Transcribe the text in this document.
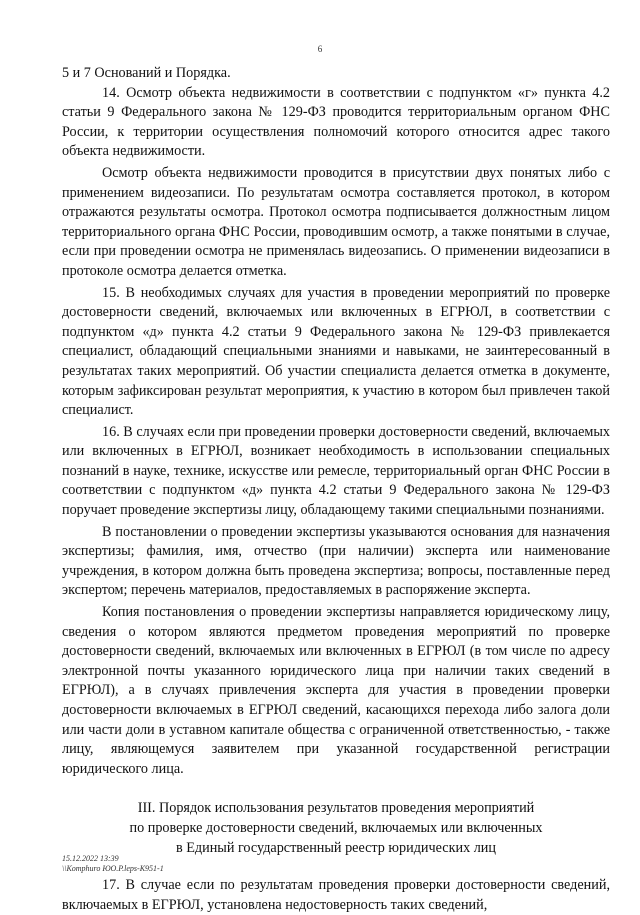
6

5 и 7 Оснований и Порядка.

14. Осмотр объекта недвижимости в соответствии с подпунктом «г» пункта 4.2 статьи 9 Федерального закона № 129-ФЗ проводится территориальным органом ФНС России, к территории осуществления полномочий которого относится адрес такого объекта недвижимости.

Осмотр объекта недвижимости проводится в присутствии двух понятых либо с применением видеозаписи. По результатам осмотра составляется протокол, в котором отражаются результаты осмотра. Протокол осмотра подписывается должностным лицом территориального органа ФНС России, проводившим осмотр, а также понятыми в случае, если при проведении осмотра не применялась видеозапись. О применении видеозаписи в протоколе осмотра делается отметка.

15. В необходимых случаях для участия в проведении мероприятий по проверке достоверности сведений, включаемых или включенных в ЕГРЮЛ, в соответствии с подпунктом «д» пункта 4.2 статьи 9 Федерального закона № 129-ФЗ привлекается специалист, обладающий специальными знаниями и навыками, не заинтересованный в результатах таких мероприятий. Об участии специалиста делается отметка в документе, которым зафиксирован результат мероприятия, к участию в котором был привлечен такой специалист.

16. В случаях если при проведении проверки достоверности сведений, включаемых или включенных в ЕГРЮЛ, возникает необходимость в использовании специальных познаний в науке, технике, искусстве или ремесле, территориальный орган ФНС России в соответствии с подпунктом «д» пункта 4.2 статьи 9 Федерального закона № 129-ФЗ поручает проведение экспертизы лицу, обладающему такими специальными познаниями.

В постановлении о проведении экспертизы указываются основания для назначения экспертизы; фамилия, имя, отчество (при наличии) эксперта или наименование учреждения, в котором должна быть проведена экспертиза; вопросы, поставленные перед экспертом; перечень материалов, предоставляемых в распоряжение эксперта.

Копия постановления о проведении экспертизы направляется юридическому лицу, сведения о котором являются предметом проведения мероприятий по проверке достоверности сведений, включаемых или включенных в ЕГРЮЛ (в том числе по адресу электронной почты указанного юридического лица при наличии таких сведений в ЕГРЮЛ), а в случаях привлечения эксперта для участия в проведении проверки достоверности включаемых в ЕГРЮЛ сведений, касающихся перехода либо залога доли или части доли в уставном капитале общества с ограниченной ответственностью, - также лицу, являющемуся заявителем при указанной государственной регистрации юридического лица.

III. Порядок использования результатов проведения мероприятий
по проверке достоверности сведений, включаемых или включенных
в Единый государственный реестр юридических лиц

17. В случае если по результатам проведения проверки достоверности сведений, включаемых в ЕГРЮЛ, установлена недостоверность таких сведений,

15.12.2022 13:39
\\Komphuro ЮО.P.leps-K951-1
